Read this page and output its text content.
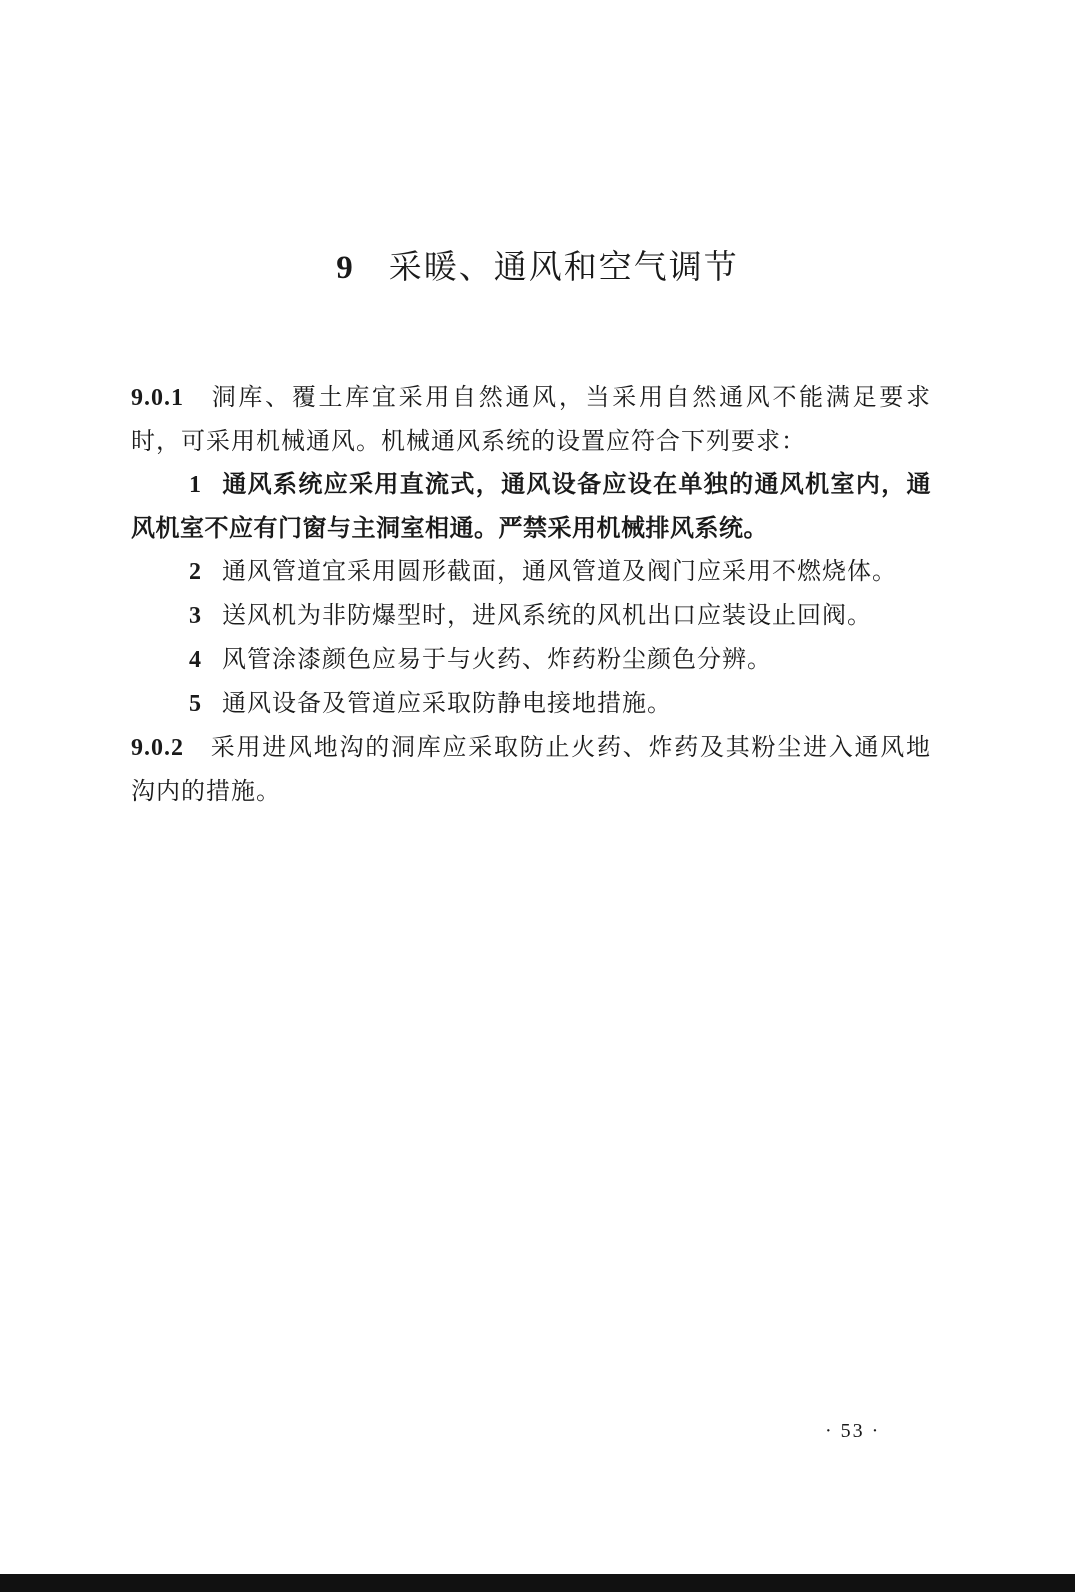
9 采暖、通风和空气调节

9.0.1 洞库、覆土库宜采用自然通风，当采用自然通风不能满足要求时，可采用机械通风。机械通风系统的设置应符合下列要求：

1 通风系统应采用直流式，通风设备应设在单独的通风机室内，通风机室不应有门窗与主洞室相通。严禁采用机械排风系统。

2 通风管道宜采用圆形截面，通风管道及阀门应采用不燃烧体。

3 送风机为非防爆型时，进风系统的风机出口应装设止回阀。

4 风管涂漆颜色应易于与火药、炸药粉尘颜色分辨。

5 通风设备及管道应采取防静电接地措施。

9.0.2 采用进风地沟的洞库应采取防止火药、炸药及其粉尘进入通风地沟内的措施。

· 53 ·
